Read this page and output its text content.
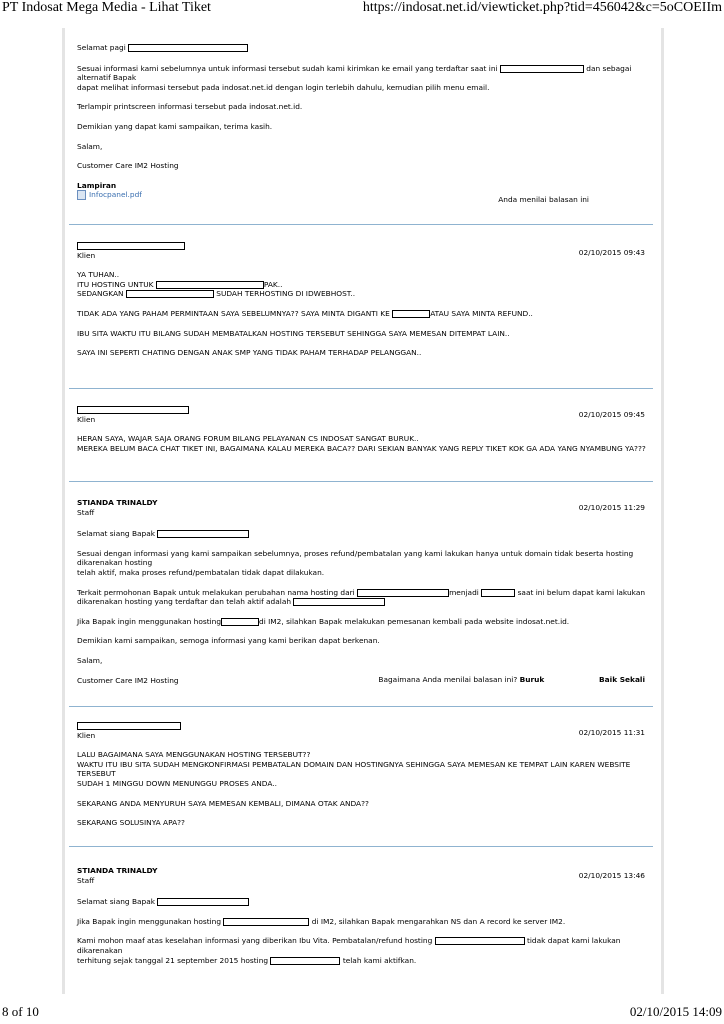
PT Indosat Mega Media - Lihat Tiket	https://indosat.net.id/viewticket.php?tid=456042&c=5oCOEIIm

Selamat pagi

Sesuai informasi kami sebelumnya untuk informasi tersebut sudah kami kirimkan ke email yang terdaftar saat ini	dan sebagai alternatif Bapak

dapat melihat informasi tersebut pada indosat.net.id dengan login terlebih dahulu, kemudian pilih menu email.

Terlampir printscreen informasi tersebut pada indosat.net.id.

Demikian yang dapat kami sampaikan, terima kasih.

Salam,

Customer Care IM2 Hosting

Lampiran

Infocpanel.pdf

Anda menilai balasan ini

Klien	02/10/2015 09:43

YA TUHAN..

ITU HOSTING UNTUK	PAK..

SEDANGKAN	SUDAH TERHOSTING DI IDWEBHOST..

TIDAK ADA YANG PAHAM PERMINTAAN SAYA SEBELUMNYA?? SAYA MINTA DIGANTI KE	ATAU SAYA MINTA REFUND..

IBU SITA WAKTU ITU BILANG SUDAH MEMBATALKAN HOSTING TERSEBUT SEHINGGA SAYA MEMESAN DITEMPAT LAIN..

SAYA INI SEPERTI CHATING DENGAN ANAK SMP YANG TIDAK PAHAM TERHADAP PELANGGAN..

Klien

02/10/2015 09:45

HERAN SAYA, WAJAR SAJA ORANG FORUM BILANG PELAYANAN CS INDOSAT SANGAT BURUK..

MEREKA BELUM BACA CHAT TIKET INI, BAGAIMANA KALAU MEREKA BACA?? DARI SEKIAN BANYAK YANG REPLY TIKET KOK GA ADA YANG NYAMBUNG YA???

STIANDA TRINALDY

Staff

02/10/2015 11:29

Selamat siang Bapak

Sesuai dengan informasi yang kami sampaikan sebelumnya, proses refund/pembatalan yang kami lakukan hanya untuk domain tidak beserta hosting dikarenakan hosting

telah aktif, maka proses refund/pembatalan tidak dapat dilakukan.

Terkait permohonan Bapak untuk melakukan perubahan nama hosting dari	menjadi	saat ini belum dapat kami lakukan

dikarenakan hosting yang terdaftar dan telah aktif adalah

Jika Bapak ingin menggunakan hosting	di IM2, silahkan Bapak melakukan pemesanan kembali pada website indosat.net.id.

Demikian kami sampaikan, semoga informasi yang kami berikan dapat berkenan.

Salam,

Customer Care IM2 Hosting	Bagaimana Anda menilai balasan ini? Buruk	Baik Sekali

Klien	02/10/2015 11:31

LALU BAGAIMANA SAYA MENGGUNAKAN HOSTING TERSEBUT??

WAKTU ITU IBU SITA SUDAH MENGKONFIRMASI PEMBATALAN DOMAIN DAN HOSTINGNYA SEHINGGA SAYA MEMESAN KE TEMPAT LAIN KAREN WEBSITE TERSEBUT

SUDAH 1 MINGGU DOWN MENUNGGU PROSES ANDA..

SEKARANG ANDA MENYURUH SAYA MEMESAN KEMBALI, DIMANA OTAK ANDA??

SEKARANG SOLUSINYA APA??

STIANDA TRINALDY

Staff

02/10/2015 13:46

Selamat siang Bapak

Jika Bapak ingin menggunakan hosting	di IM2, silahkan Bapak mengarahkan NS dan A record ke server IM2.

Kami mohon maaf atas keselahan informasi yang diberikan Ibu Vita. Pembatalan/refund hosting	tidak dapat kami lakukan dikarenakan

terhitung sejak tanggal 21 september 2015 hosting	telah kami aktifkan.

8 of 10	02/10/2015 14:09
